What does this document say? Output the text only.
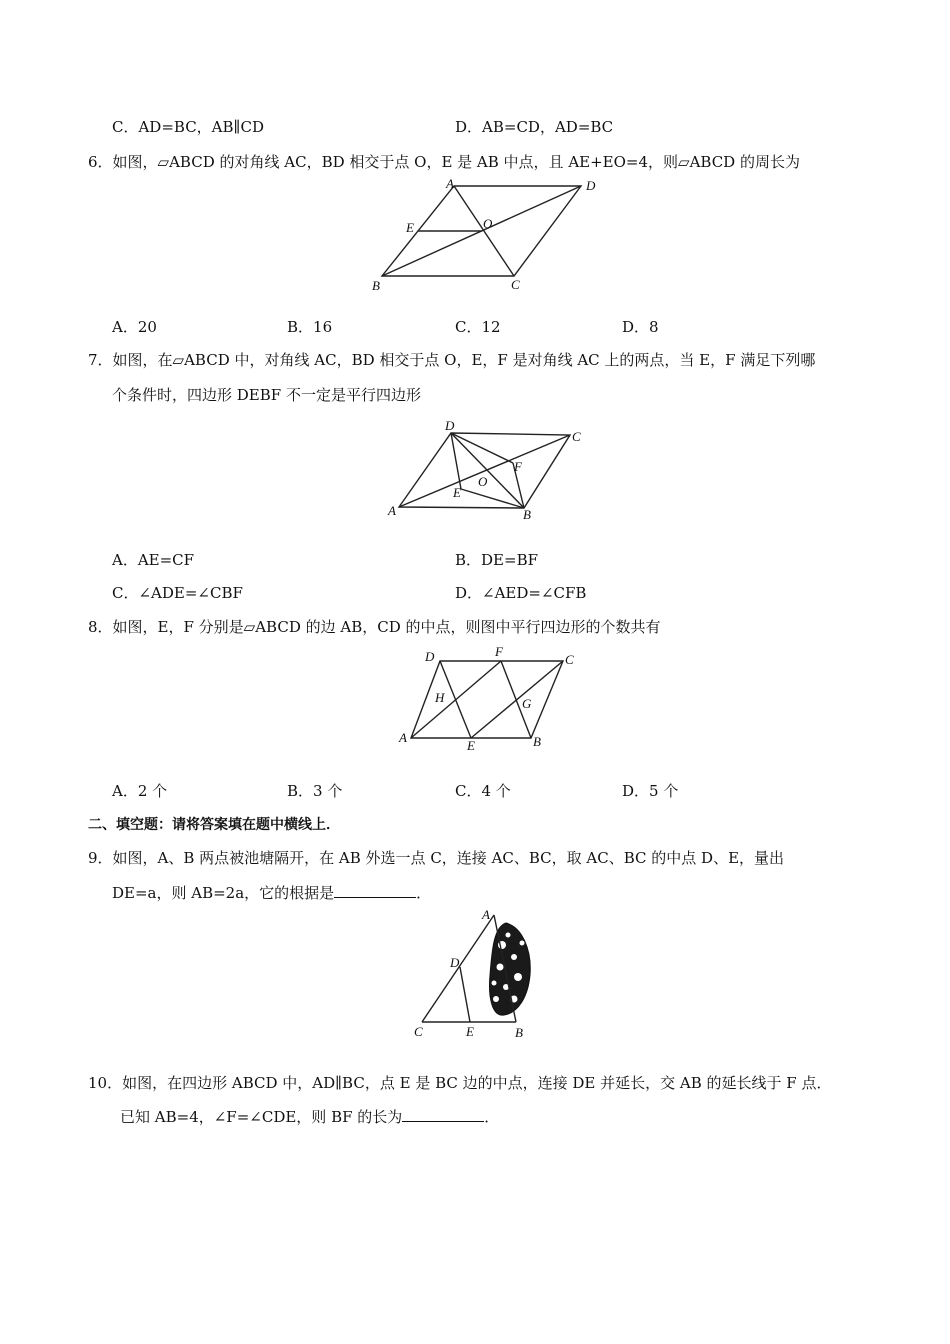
C．AD=BC，AB∥CD	D．AB=CD，AD=BC
6．如图，▱ABCD 的对角线 AC，BD 相交于点 O，E 是 AB 中点，且 AE+EO=4，则▱ABCD 的周长为
A	D
E	O
B	C
A．20	B．16	C．12	D．8
7．如图，在▱ABCD 中，对角线 AC，BD 相交于点 O，E，F 是对角线 AC 上的两点，当 E，F 满足下列哪
个条件时，四边形 DEBF 不一定是平行四边形
D
C
F
O
E
A	B
A．AE=CF	B．DE=BF
C．∠ADE=∠CBF	D．∠AED=∠CFB
8．如图，E，F 分别是▱ABCD 的边 AB，CD 的中点，则图中平行四边形的个数共有
D	F
C
H	G
A
E	B
A．2 个	B．3 个	C．4 个	D．5 个
二、填空题：请将答案填在题中横线上．
9．如图，A、B 两点被池塘隔开，在 AB 外选一点 C，连接 AC、BC，取 AC、BC 的中点 D、E，量出
DE=a，则 AB=2a，它的根据是	．
A
D
C	E	B
10．如图，在四边形 ABCD 中，AD∥BC，点 E 是 BC 边的中点，连接 DE 并延长，交 AB 的延长线于 F 点．
已知 AB=4，∠F=∠CDE，则 BF 的长为	．
